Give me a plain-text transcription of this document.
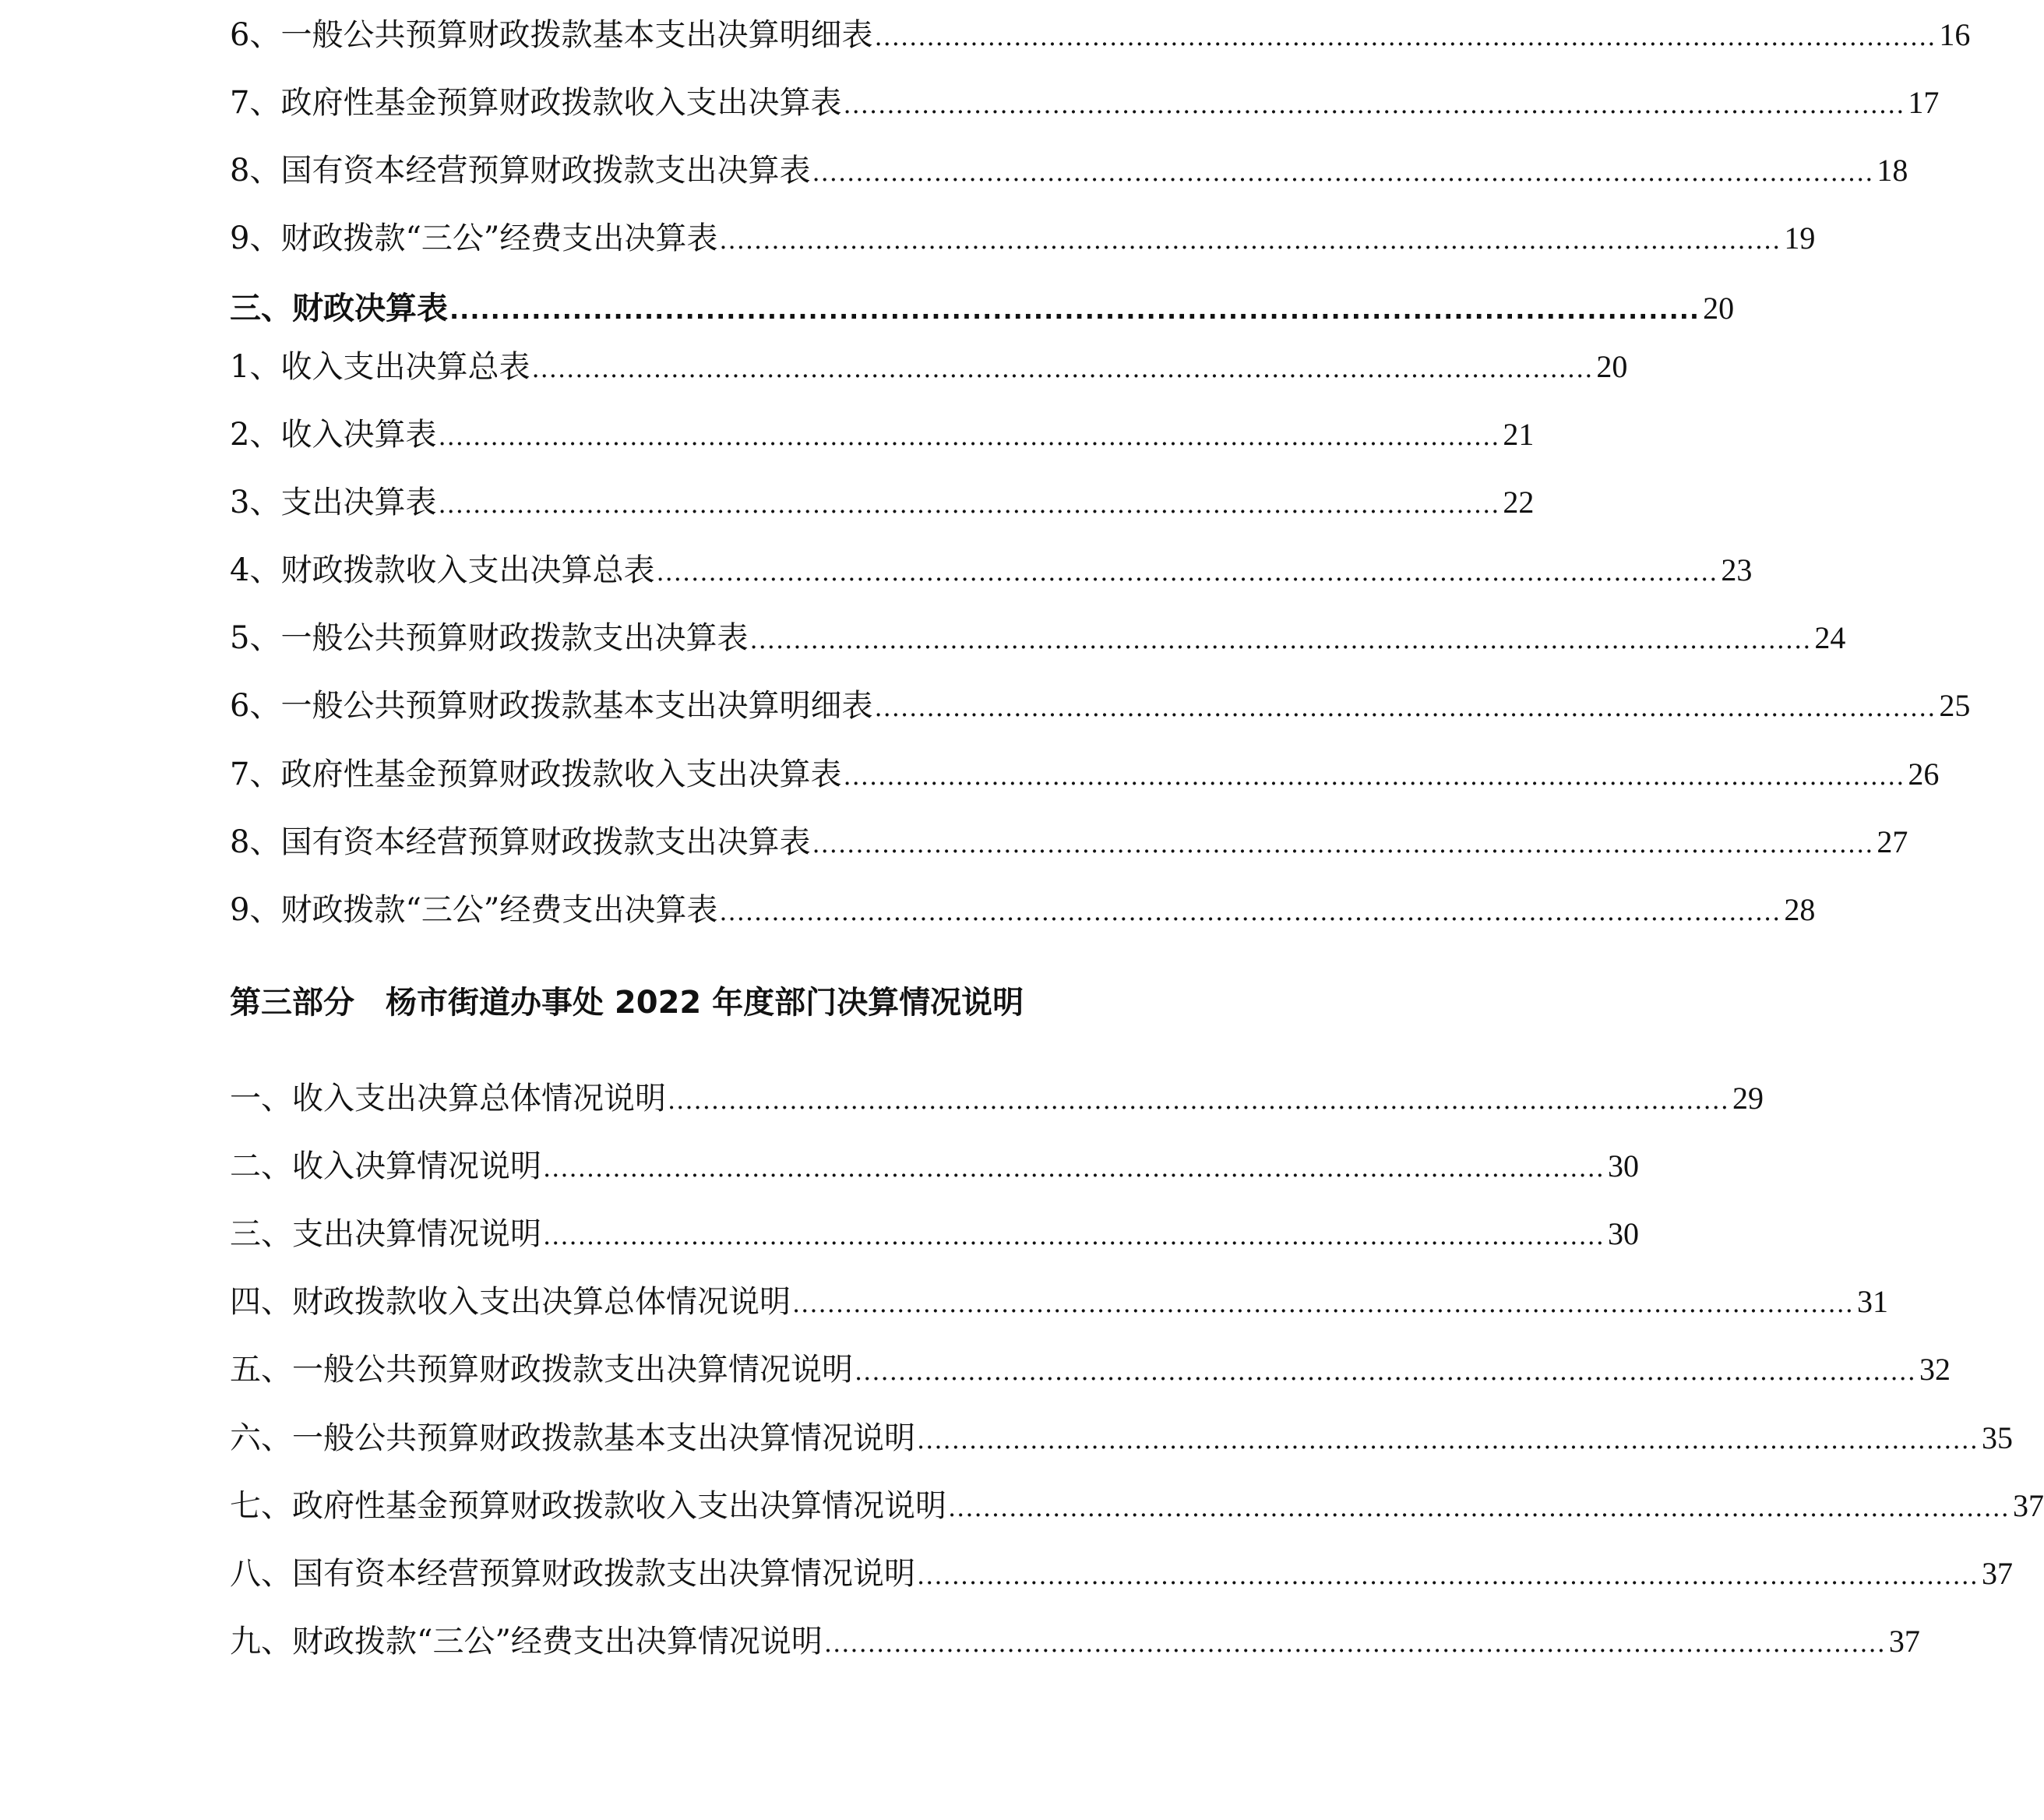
6、一般公共预算财政拨款基本支出决算明细表 .......................................................................................................................... 16
7、政府性基金预算财政拨款收入支出决算表 .......................................................................................................................... 17
8、国有资本经营预算财政拨款支出决算表 .......................................................................................................................... 18
9、财政拨款“三公”经费支出决算表 .......................................................................................................................... 19
三、财政决算表 .......................................................................................................................... 20
1、收入支出决算总表 .......................................................................................................................... 20
2、收入决算表 .......................................................................................................................... 21
3、支出决算表 .......................................................................................................................... 22
4、财政拨款收入支出决算总表 .......................................................................................................................... 23
5、一般公共预算财政拨款支出决算表 .......................................................................................................................... 24
6、一般公共预算财政拨款基本支出决算明细表 .......................................................................................................................... 25
7、政府性基金预算财政拨款收入支出决算表 .......................................................................................................................... 26
8、国有资本经营预算财政拨款支出决算表 .......................................................................................................................... 27
9、财政拨款“三公”经费支出决算表 .......................................................................................................................... 28
第三部分　杨市街道办事处 2022 年度部门决算情况说明
一、收入支出决算总体情况说明 .......................................................................................................................... 29
二、收入决算情况说明 .......................................................................................................................... 30
三、支出决算情况说明 .......................................................................................................................... 30
四、财政拨款收入支出决算总体情况说明 .......................................................................................................................... 31
五、一般公共预算财政拨款支出决算情况说明 .......................................................................................................................... 32
六、一般公共预算财政拨款基本支出决算情况说明 .......................................................................................................................... 35
七、政府性基金预算财政拨款收入支出决算情况说明 .......................................................................................................................... 37
八、国有资本经营预算财政拨款支出决算情况说明 .......................................................................................................................... 37
九、财政拨款“三公”经费支出决算情况说明 .......................................................................................................................... 37
